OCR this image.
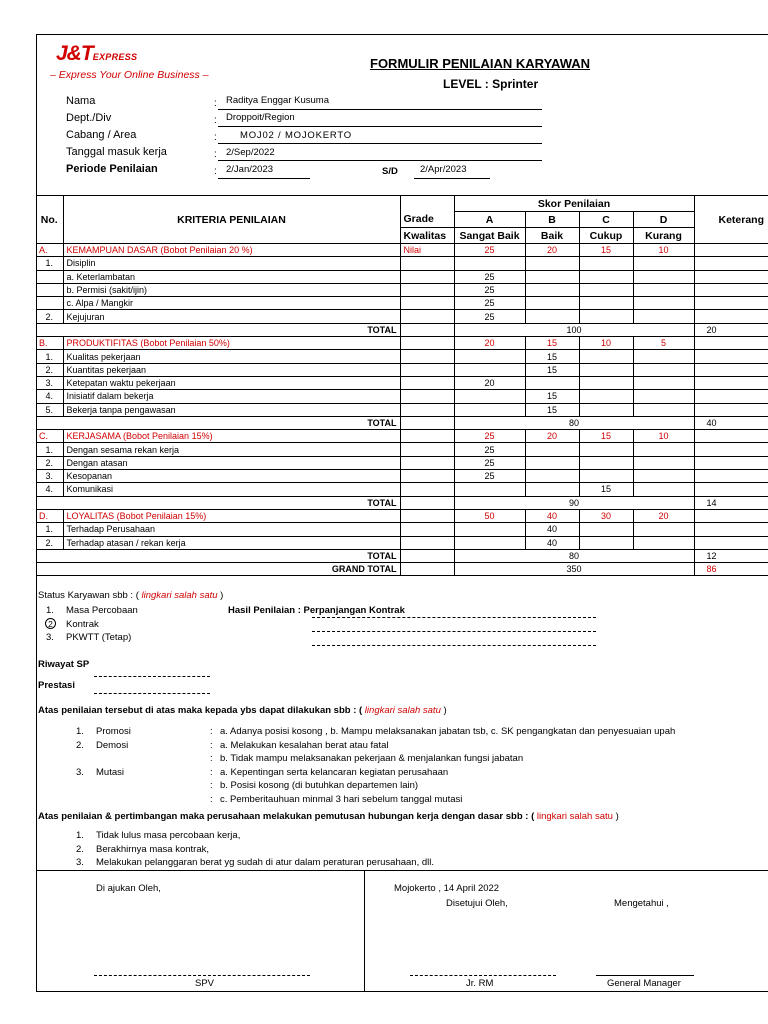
J&TEXPRESS
– Express Your Online Business –
FORMULIR PENILAIAN KARYAWAN
LEVEL : Sprinter
Nama	: Raditya Enggar Kusuma
Dept./Div	: Droppoit/Region
Cabang / Area	: MOJ02 / MOJOKERTO
Tanggal masuk kerja	: 2/Sep/2022
Periode Penilaian	: 2/Jan/2023	S/D 2/Apr/2023
No.	KRITERIA PENILAIAN		Skor Penilaian				Keterang
		Grade	A	B	C	D	
		Kwalitas	Sangat Baik	Baik	Cukup	Kurang	
A.	KEMAMPUAN DASAR (Bobot Penilaian 20 %)	Nilai	25	20	15	10	
1.	Disiplin						
	a. Keterlambatan		25				
	b. Permisi (sakit/ijin)		25				
	c. Alpa / Mangkir		25				
2.	Kejujuran		25				
TOTAL			100				20
B.	PRODUKTIFITAS (Bobot Penilaian 50%)		20	15	10	5	
1.	Kualitas pekerjaan			15			
2.	Kuantitas pekerjaan			15			
3.	Ketepatan waktu pekerjaan		20				
4.	Inisiatif dalam bekerja			15			
5.	Bekerja tanpa pengawasan			15			
TOTAL			80				40
C.	KERJASAMA (Bobot Penilaian 15%)		25	20	15	10	
1.	Dengan sesama rekan kerja		25				
2.	Dengan atasan		25				
3.	Kesopanan		25				
4.	Komunikasi				15		
TOTAL			90				14
D.	LOYALITAS (Bobot Penilaian 15%)		50	40	30	20	
1.	Terhadap Perusahaan			40			
2.	Terhadap atasan / rekan kerja			40			
TOTAL			80				12
GRAND TOTAL			350				86
Status Karyawan sbb : ( lingkari salah satu )
1. Masa Percobaan	Hasil Penilaian : Perpanjangan Kontrak
2	Kontrak
3. PKWTT (Tetap)
Riwayat SP
Prestasi
Atas penilaian tersebut di atas maka kepada ybs dapat dilakukan sbb : ( lingkari salah satu )
1. Promosi	: a. Adanya posisi kosong , b. Mampu melaksanakan jabatan tsb, c. SK pengangkatan dan penyesuaian upah
2. Demosi	: a. Melakukan kesalahan berat atau fatal
: b. Tidak mampu melaksanakan pekerjaan & menjalankan fungsi jabatan
3. Mutasi	: a. Kepentingan serta kelancaran kegiatan perusahaan
: b. Posisi kosong (di butuhkan departemen lain)
: c. Pemberitauhuan minmal 3 hari sebelum tanggal mutasi
Atas penilaian & pertimbangan maka perusahaan melakukan pemutusan hubungan kerja dengan dasar sbb : ( lingkari salah satu )
1. Tidak lulus masa percobaan kerja,
2. Berakhirnya masa kontrak,
3. Melakukan pelanggaran berat yg sudah di atur dalam peraturan perusahaan, dll.
Di ajukan Oleh,	Mojokerto , 14 April 2022
Disetujui Oleh,	Mengetahui ,
SPV	Jr. RM	General Manager
